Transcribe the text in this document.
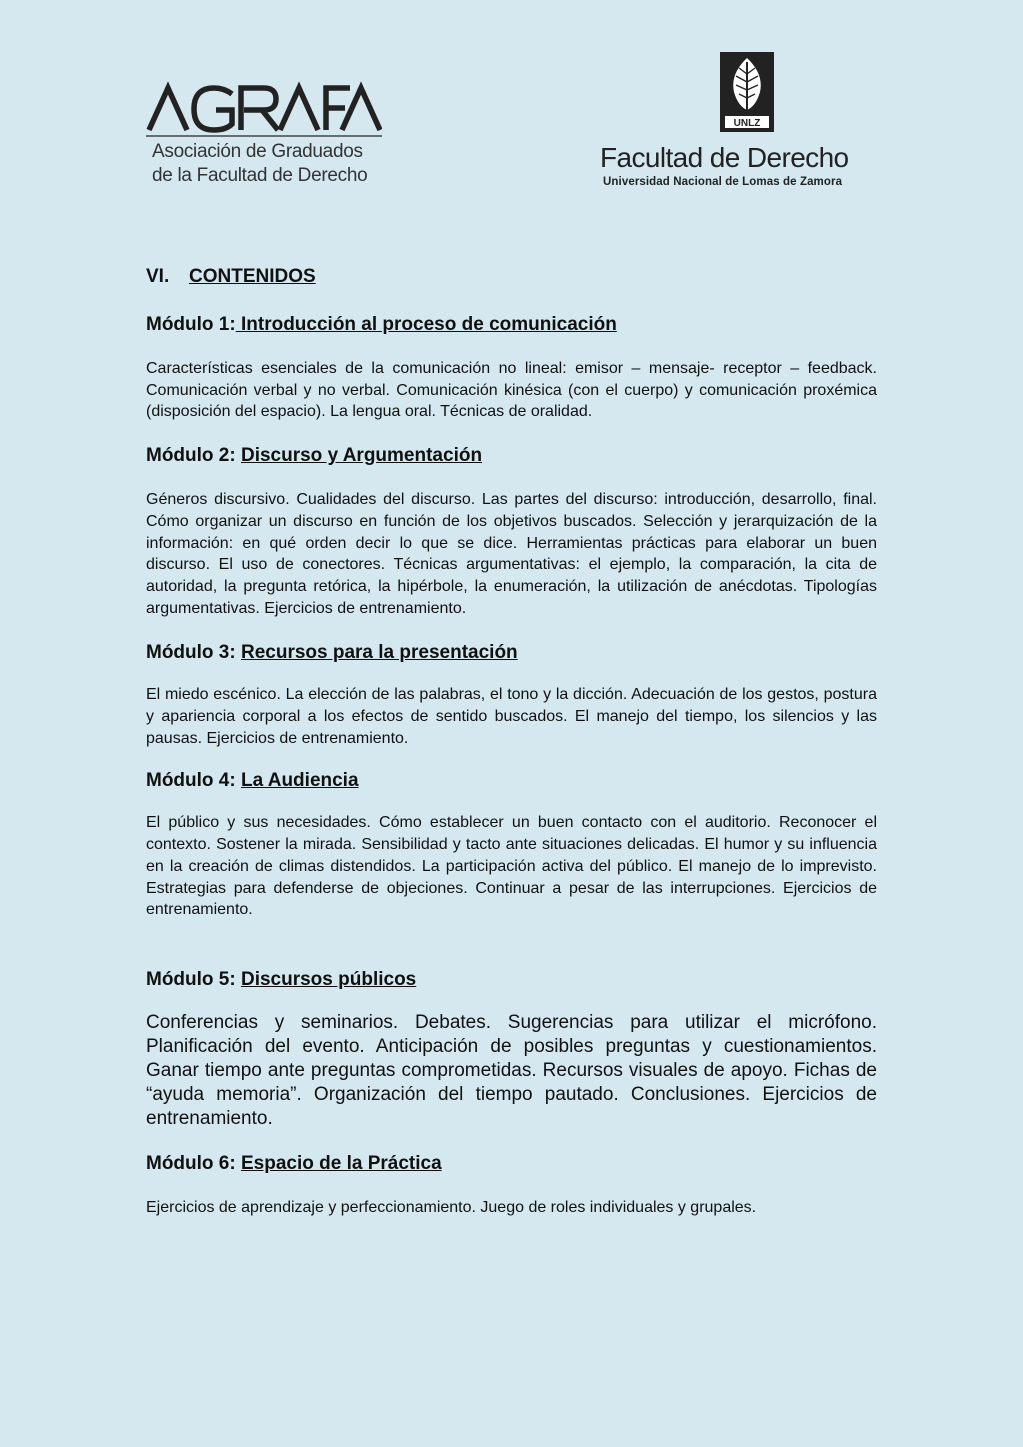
Asociación de Graduados
de la Facultad de Derecho
UNLZ
Facultad de Derecho
Universidad Nacional de Lomas de Zamora
VI. CONTENIDOS
Módulo 1: Introducción al proceso de comunicación

Características esenciales de la comunicación no lineal: emisor – mensaje- receptor – feedback. Comunicación verbal y no verbal. Comunicación kinésica (con el cuerpo) y comunicación proxémica (disposición del espacio). La lengua oral. Técnicas de oralidad.

Módulo 2: Discurso y Argumentación

Géneros discursivo. Cualidades del discurso. Las partes del discurso: introducción, desarrollo, final. Cómo organizar un discurso en función de los objetivos buscados. Selección y jerarquización de la información: en qué orden decir lo que se dice. Herramientas prácticas para elaborar un buen discurso. El uso de conectores. Técnicas argumentativas: el ejemplo, la comparación, la cita de autoridad, la pregunta retórica, la hipérbole, la enumeración, la utilización de anécdotas. Tipologías argumentativas. Ejercicios de entrenamiento.

Módulo 3: Recursos para la presentación

El miedo escénico. La elección de las palabras, el tono y la dicción. Adecuación de los gestos, postura y apariencia corporal a los efectos de sentido buscados. El manejo del tiempo, los silencios y las pausas. Ejercicios de entrenamiento.

Módulo 4: La Audiencia

El público y sus necesidades. Cómo establecer un buen contacto con el auditorio. Reconocer el contexto. Sostener la mirada. Sensibilidad y tacto ante situaciones delicadas. El humor y su influencia en la creación de climas distendidos. La participación activa del público. El manejo de lo imprevisto. Estrategias para defenderse de objeciones. Continuar a pesar de las interrupciones. Ejercicios de entrenamiento.

Módulo 5: Discursos públicos

Conferencias y seminarios. Debates. Sugerencias para utilizar el micrófono. Planificación del evento. Anticipación de posibles preguntas y cuestionamientos. Ganar tiempo ante preguntas comprometidas. Recursos visuales de apoyo. Fichas de “ayuda memoria”. Organización del tiempo pautado. Conclusiones. Ejercicios de entrenamiento.

Módulo 6: Espacio de la Práctica

Ejercicios de aprendizaje y perfeccionamiento. Juego de roles individuales y grupales.
